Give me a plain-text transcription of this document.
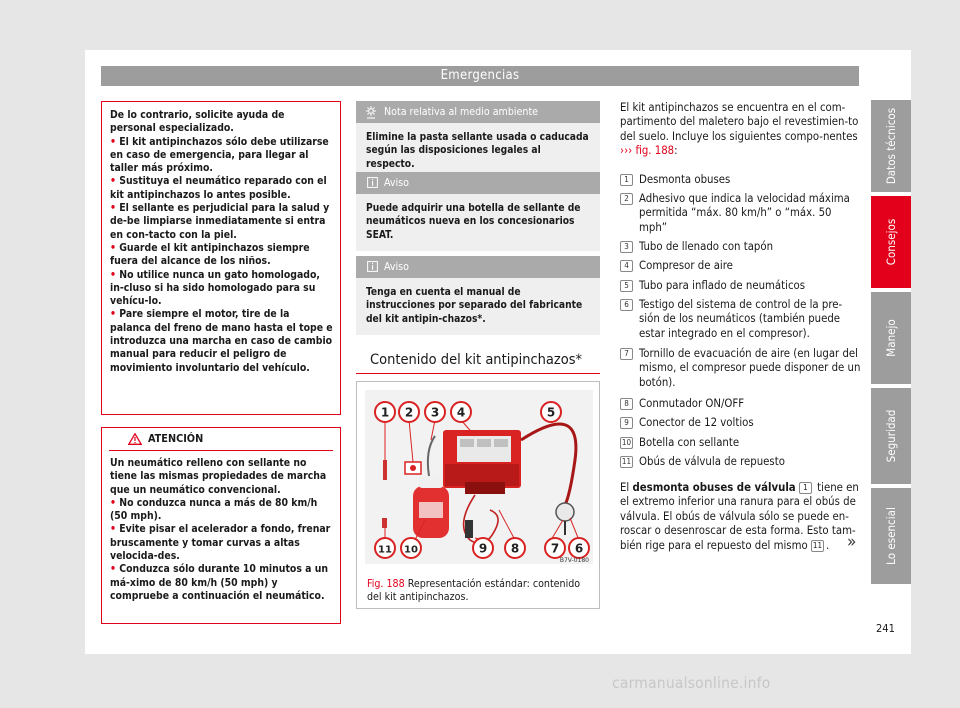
Emergencias
De lo contrario, solicite ayuda de personal especializado.
• El kit antipinchazos sólo debe utilizarse en caso de emergencia, para llegar al taller más próximo.
• Sustituya el neumático reparado con el kit antipinchazos lo antes posible.
• El sellante es perjudicial para la salud y de-be limpiarse inmediatamente si entra en con-tacto con la piel.
• Guarde el kit antipinchazos siempre fuera del alcance de los niños.
• No utilice nunca un gato homologado, in-cluso si ha sido homologado para su vehícu-lo.
• Pare siempre el motor, tire de la palanca del freno de mano hasta el tope e introduzca una marcha en caso de cambio manual para reducir el peligro de movimiento involuntario del vehículo.
ATENCIÓN
Un neumático relleno con sellante no tiene las mismas propiedades de marcha que un neumático convencional.
• No conduzca nunca a más de 80 km/h (50 mph).
• Evite pisar el acelerador a fondo, frenar bruscamente y tomar curvas a altas velocida-des.
• Conduzca sólo durante 10 minutos a un má-ximo de 80 km/h (50 mph) y compruebe a continuación el neumático.
Nota relativa al medio ambiente
Elimine la pasta sellante usada o caducada según las disposiciones legales al respecto.
Aviso
Puede adquirir una botella de sellante de neumáticos nueva en los concesionarios SEAT.
Aviso
Tenga en cuenta el manual de instrucciones por separado del fabricante del kit antipin-chazos*.
Contenido del kit antipinchazos*
1 2 3 4	5
11 10	9 8	7 6
B7V-0180
Fig. 188 Representación estándar: contenido del kit antipinchazos.
El kit antipinchazos se encuentra en el com-partimento del maletero bajo el revestimien-to del suelo. Incluye los siguientes compo-nentes ››› fig. 188:
1 Desmonta obuses
2 Adhesivo que indica la velocidad máxima permitida “máx. 80 km/h” o “máx. 50 mph”
3 Tubo de llenado con tapón
4 Compresor de aire
5 Tubo para inflado de neumáticos
6 Testigo del sistema de control de la pre-sión de los neumáticos (también puede estar integrado en el compresor).
7 Tornillo de evacuación de aire (en lugar del mismo, el compresor puede disponer de un botón).
8 Conmutador ON/OFF
9 Conector de 12 voltios
10 Botella con sellante
11 Obús de válvula de repuesto
El desmonta obuses de válvula 1 tiene en el extremo inferior una ranura para el obús de válvula. El obús de válvula sólo se puede en-roscar o desenroscar de esta forma. Esto tam-bién rige para el repuesto del mismo 11 .	»
Datos técnicos
Consejos
Manejo
Seguridad
Lo esencial
241
carmanualsonline.info
